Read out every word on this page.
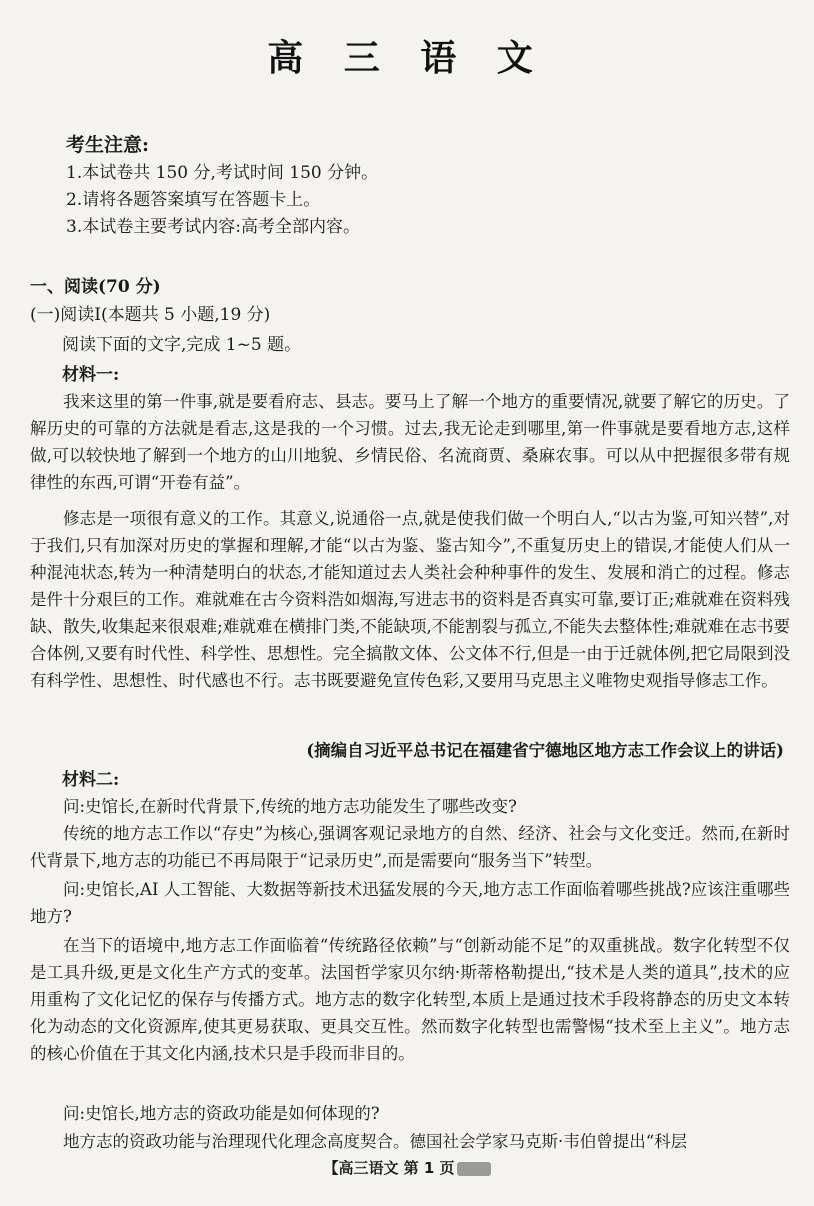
高 三 语 文
考生注意:
1.本试卷共 150 分,考试时间 150 分钟。
2.请将各题答案填写在答题卡上。
3.本试卷主要考试内容:高考全部内容。
一、阅读(70 分)
(一)阅读Ⅰ(本题共 5 小题,19 分)
阅读下面的文字,完成 1~5 题。
材料一:

我来这里的第一件事,就是要看府志、县志。要马上了解一个地方的重要情况,就要了解它的历史。了解历史的可靠的方法就是看志,这是我的一个习惯。过去,我无论走到哪里,第一件事就是要看地方志,这样做,可以较快地了解到一个地方的山川地貌、乡情民俗、名流商贾、桑麻农事。可以从中把握很多带有规律性的东西,可谓“开卷有益”。

修志是一项很有意义的工作。其意义,说通俗一点,就是使我们做一个明白人,“以古为鉴,可知兴替”,对于我们,只有加深对历史的掌握和理解,才能“以古为鉴、鉴古知今”,不重复历史上的错误,才能使人们从一种混沌状态,转为一种清楚明白的状态,才能知道过去人类社会种种事件的发生、发展和消亡的过程。修志是件十分艰巨的工作。难就难在古今资料浩如烟海,写进志书的资料是否真实可靠,要订正;难就难在资料残缺、散失,收集起来很艰难;难就难在横排门类,不能缺项,不能割裂与孤立,不能失去整体性;难就难在志书要合体例,又要有时代性、科学性、思想性。完全搞散文体、公文体不行,但是一由于迁就体例,把它局限到没有科学性、思想性、时代感也不行。志书既要避免宣传色彩,又要用马克思主义唯物史观指导修志工作。

(摘编自习近平总书记在福建省宁德地区地方志工作会议上的讲话)
材料二:

问:史馆长,在新时代背景下,传统的地方志功能发生了哪些改变?

传统的地方志工作以“存史”为核心,强调客观记录地方的自然、经济、社会与文化变迁。然而,在新时代背景下,地方志的功能已不再局限于“记录历史”,而是需要向“服务当下”转型。

问:史馆长,AI 人工智能、大数据等新技术迅猛发展的今天,地方志工作面临着哪些挑战?应该注重哪些地方?

在当下的语境中,地方志工作面临着“传统路径依赖”与“创新动能不足”的双重挑战。数字化转型不仅是工具升级,更是文化生产方式的变革。法国哲学家贝尔纳·斯蒂格勒提出,“技术是人类的道具”,技术的应用重构了文化记忆的保存与传播方式。地方志的数字化转型,本质上是通过技术手段将静态的历史文本转化为动态的文化资源库,使其更易获取、更具交互性。然而数字化转型也需警惕“技术至上主义”。地方志的核心价值在于其文化内涵,技术只是手段而非目的。

问:史馆长,地方志的资政功能是如何体现的?

地方志的资政功能与治理现代化理念高度契合。德国社会学家马克斯·韦伯曾提出“科层

【高三语文 第 1 页
